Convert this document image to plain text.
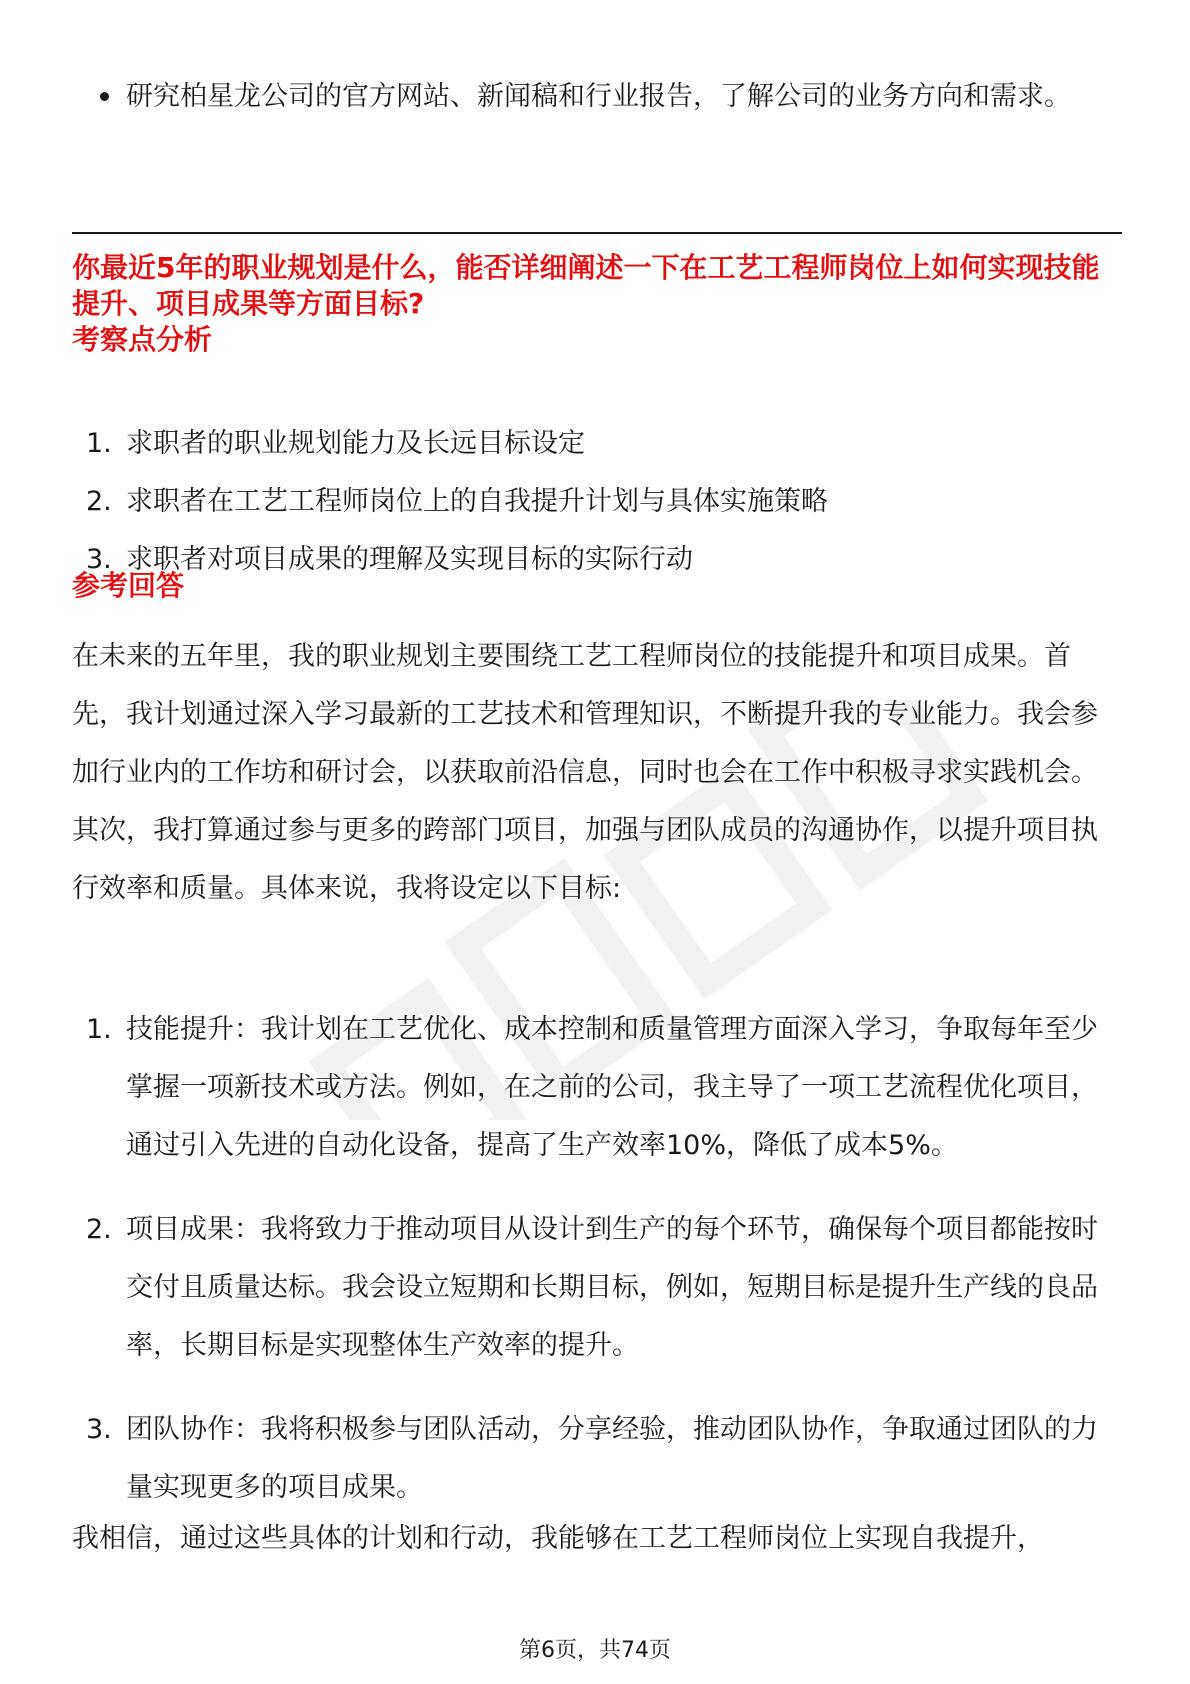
研究柏星龙公司的官方网站、新闻稿和行业报告，了解公司的业务方向和需求。
你最近5年的职业规划是什么，能否详细阐述一下在工艺工程师岗位上如何实现技能提升、项目成果等方面目标?
考察点分析
1. 求职者的职业规划能力及长远目标设定
2. 求职者在工艺工程师岗位上的自我提升计划与具体实施策略
3. 求职者对项目成果的理解及实现目标的实际行动
参考回答

在未来的五年里，我的职业规划主要围绕工艺工程师岗位的技能提升和项目成果。首先，我计划通过深入学习最新的工艺技术和管理知识，不断提升我的专业能力。我会参加行业内的工作坊和研讨会，以获取前沿信息，同时也会在工作中积极寻求实践机会。其次，我打算通过参与更多的跨部门项目，加强与团队成员的沟通协作，以提升项目执行效率和质量。具体来说，我将设定以下目标:

1. 技能提升：我计划在工艺优化、成本控制和质量管理方面深入学习，争取每年至少掌握一项新技术或方法。例如，在之前的公司，我主导了一项工艺流程优化项目，通过引入先进的自动化设备，提高了生产效率10%，降低了成本5%。
2. 项目成果：我将致力于推动项目从设计到生产的每个环节，确保每个项目都能按时交付且质量达标。我会设立短期和长期目标，例如，短期目标是提升生产线的良品率，长期目标是实现整体生产效率的提升。
3. 团队协作：我将积极参与团队活动，分享经验，推动团队协作，争取通过团队的力量实现更多的项目成果。

我相信，通过这些具体的计划和行动，我能够在工艺工程师岗位上实现自我提升，

第6页，共74页
